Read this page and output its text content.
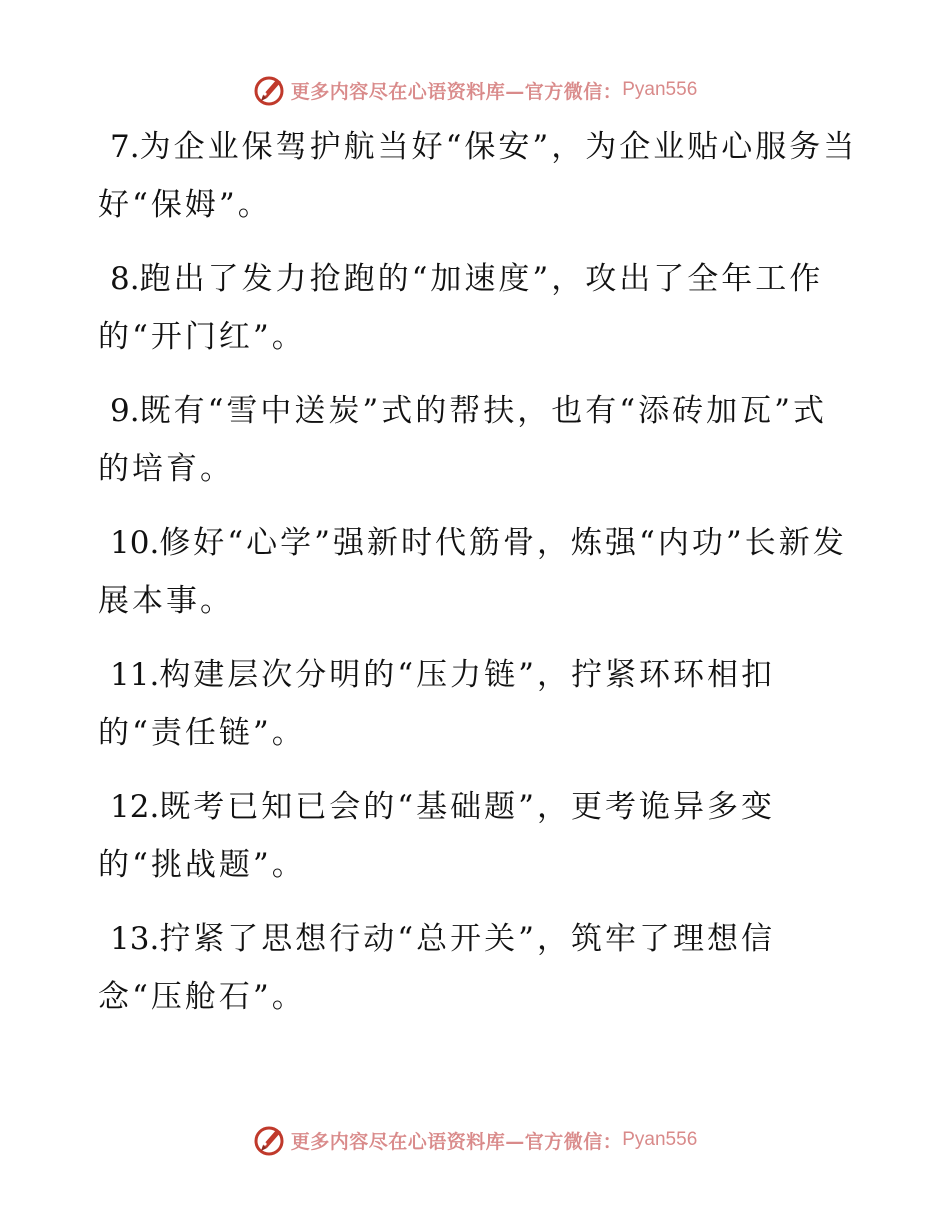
更多内容尽在心语资料库—官方微信： Pyan556
7.为企业保驾护航当好“保安”，为企业贴心服务当好“保姆”。
8.跑出了发力抢跑的“加速度”，攻出了全年工作的“开门红”。
9.既有“雪中送炭”式的帮扶，也有“添砖加瓦”式的培育。
10.修好“心学”强新时代筋骨，炼强“内功”长新发展本事。
11.构建层次分明的“压力链”，拧紧环环相扣的“责任链”。
12.既考已知已会的“基础题”，更考诡异多变的“挑战题”。
13.拧紧了思想行动“总开关”，筑牢了理想信念“压舱石”。
更多内容尽在心语资料库—官方微信： Pyan556
